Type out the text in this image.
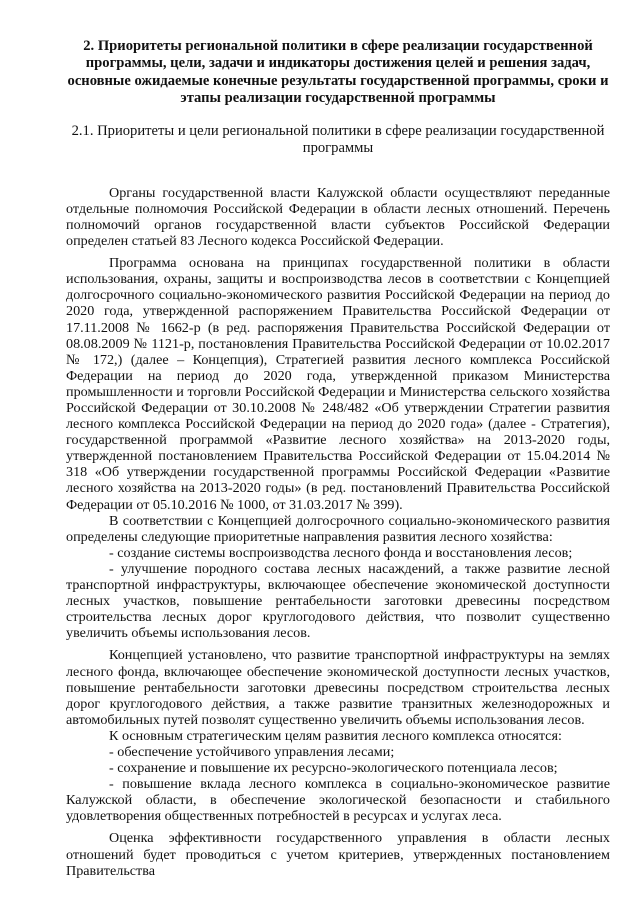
2. Приоритеты региональной политики в сфере реализации государственной программы, цели, задачи и индикаторы достижения целей и решения задач, основные ожидаемые конечные результаты государственной программы, сроки и этапы реализации государственной программы
2.1. Приоритеты и цели региональной политики в сфере реализации государственной программы

Органы государственной власти Калужской области осуществляют переданные отдельные полномочия Российской Федерации в области лесных отношений. Перечень полномочий органов государственной власти субъектов Российской Федерации определен статьей 83 Лесного кодекса Российской Федерации.

Программа основана на принципах государственной политики в области использования, охраны, защиты и воспроизводства лесов в соответствии с Концепцией долгосрочного социально-экономического развития Российской Федерации на период до 2020 года, утвержденной распоряжением Правительства Российской Федерации от 17.11.2008 № 1662-р (в ред. распоряжения Правительства Российской Федерации от 08.08.2009 № 1121-р, постановления Правительства Российской Федерации от 10.02.2017 № 172,) (далее – Концепция), Стратегией развития лесного комплекса Российской Федерации на период до 2020 года, утвержденной приказом Министерства промышленности и торговли Российской Федерации и Министерства сельского хозяйства Российской Федерации от 30.10.2008 № 248/482 «Об утверждении Стратегии развития лесного комплекса Российской Федерации на период до 2020 года» (далее - Стратегия), государственной программой «Развитие лесного хозяйства» на 2013-2020 годы, утвержденной постановлением Правительства Российской Федерации от 15.04.2014 № 318 «Об утверждении государственной программы Российской Федерации «Развитие лесного хозяйства на 2013-2020 годы» (в ред. постановлений Правительства Российской Федерации от 05.10.2016 № 1000, от 31.03.2017 № 399).

В соответствии с Концепцией долгосрочного социально-экономического развития определены следующие приоритетные направления развития лесного хозяйства:

- создание системы воспроизводства лесного фонда и восстановления лесов;

- улучшение породного состава лесных насаждений, а также развитие лесной транспортной инфраструктуры, включающее обеспечение экономической доступности лесных участков, повышение рентабельности заготовки древесины посредством строительства лесных дорог круглогодового действия, что позволит существенно увеличить объемы использования лесов.

Концепцией установлено, что развитие транспортной инфраструктуры на землях лесного фонда, включающее обеспечение экономической доступности лесных участков, повышение рентабельности заготовки древесины посредством строительства лесных дорог круглогодового действия, а также развитие транзитных железнодорожных и автомобильных путей позволят существенно увеличить объемы использования лесов.

К основным стратегическим целям развития лесного комплекса относятся:

- обеспечение устойчивого управления лесами;

- сохранение и повышение их ресурсно-экологического потенциала лесов;

- повышение вклада лесного комплекса в социально-экономическое развитие Калужской области, в обеспечение экологической безопасности и стабильного удовлетворения общественных потребностей в ресурсах и услугах леса.

Оценка эффективности государственного управления в области лесных отношений будет проводиться с учетом критериев, утвержденных постановлением Правительства
